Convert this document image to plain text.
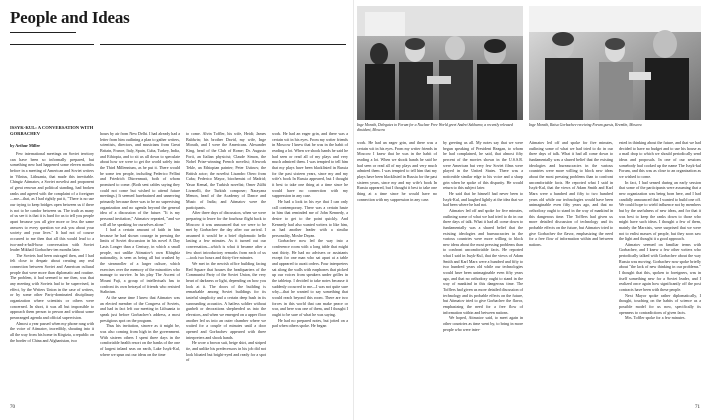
People and Ideas
ISSYK-KUL: A CONVERSATION WITH GORBACHEV
by Arthur Miller

Few international meetings on Soviet territory can have been so informally prepared, but something new had happened some eleven months before in a meeting of American and Soviet writers in Vilnius, Lithuania, that made this inevitable. Chingiz Aitmatov, a Soviet novelist and proponent of great renown and political standing, had broken ranks and agreed with the complaint of a foreigner—me—that, as I had rightly put it, "There is no use our trying to keep bridges open between us if there is not to be candor between us. The truth as many of us see it is that it is hard for us to tell you people apart because you all give more or less the same answers to every question we ask you about your society and your lives." It had not of course occurred to me then that all this would lead to a two-and-a-half-hour conversation with Soviet leader Mikhail Gorbachev ten months later.

The Soviets had been outraged then, and I had felt close to despair about creating any real connection between Soviet and American cultural people that were more than diplomatic and routine. The problem, it had seemed to me then, was that any meeting with Soviets had to be supervised, in effect, by the Writers Union in the case of writers, or by some other Party-dominated disciplinary organization where scientists or others were concerned. In short, it was all but impossible to approach them person to person and without some prearranged agenda and official supervision.

Almost a year passed when my phone rang with the voice of Aitmatov, incredibly, shouting into it all the way from his home in Kirgizia, a republic on the border of China and Afghanistan, two

hours by air from New Delhi. I had already had a letter from him outlining a plan to gather writers, scientists, directors, and musicians from Great Britain, France, Italy, Spain, Cuba, Turkey, India, and Ethiopia, and to sit us all down to speculate about how we were to get the world safely into the Third Millennium, as he put it. There would be some ten people, including Federico Fellini and Friedrich Dürrenmatt, both of whom promised to come. (Both sent cables saying they could not come but wished to attend future meetings.) It seemed harebrained and unnerving primarily because there was to be no supervising organization and no agenda beyond the general idea of a discussion of the future. "It is my personal invitation," Aitmatov repeated, "and we will all be speaking for ourselves alone."

I had a certain amount of faith in him because he had shown courage in pressing the limits of Soviet discussion in his novel A Day Lasts Longer than a Century, in which a small people, not unlike Aitmatov's own Khirghiz nationality, is seen as being all but crushed by the steamroller of a larger culture, which exercises over the memory of the minorities who manage to survive. In his play The Ascent of Mount Fuji, a group of intellectuals has to confront its own betrayal of friends who resisted Stalinism.

At the same time I knew that Aitmatov was an elected member of the Congress of Soviets, and had in fact left our meeting in Lithuania to speak just before Gorbachev's address, a most prestigious spot on the program.

Thus his invitation, sincere as it might be, was also coming from high in the government. With sixteen others I spent three days in the comfortable health resort on the banks of the one of largest inland seas on earth, Lake Issyk-Kul, where we spun out our ideas on the time

to come. Alvin Toffler, his wife, Heidi; James Baldwin; his brother David, my wife, Inge Morath, and I were the Americans. Alexander King, head of the Club of Rome; Dr. Augusto Forti, an Italian physicist; Claude Simon, the Nobel Prize-winning French novelist; Afework Tekle, an Ethiopian painter; Peter Ustinov, the British actor; the novelist Lisandro Otero from Cuba; Federico Mayor, biochemist of Madrid; Yasar Kemal, the Turkish novelist; Omer Zülfü Livanelli, the Turkish composer; Narayana Menon, head of the Academy of Dance and Music of India; and Aitmatov were the participants.

After three days of discussion, when we were preparing to leave for the fourhour flight back to Moscow it was announced that we were to be met by Gorbachev the day after our arrival. I assumed it would be a brief diplomatic hello lasting a few minutes. As it turned out our conversation—which is what it became after a few short introductory remarks from each of us—took two hours and thirty-five minutes.

We met in the newish office building facing Red Square that houses the headquarters of the Communist Party of the Soviet Union, the very heart of darkness or light, depending on how you look at it. The doors of the building is remarkable among Soviet buildings for its tasteful simplicity and a certain deep hush in its surrounding acoustics. A hatless soldier without gunbelt or decorations shepherded us into the elevators, and when we emerged on a upper floor another led us into an outer chamber where we waited for a couple of minutes until a door opened and Gorbachev appeared with three interpreters and shook hands.

He wore a brown suit, beige shirt, and striped tie, and unlike his predecessors in his job did not look bloated but bright-eyed and ready for a spot of

work. He had an eager grin, and there was a certain wit in his eyes. From my writer friends in Moscow I knew that he was in the habit of reading a lot. When we shook hands he said he had seen or read all of my plays and very much admired them. I was tempted to tell him that my plays have been blacklisted in Russia for the past sixteen years, since my and my wife's book In Russia appeared, but I thought it best to take one thing at a time since he would have no connection with my suppression in any case.

He had a look in his eye that I can only call contemporary. There was a certain haste in him that reminded me of John Kennedy, a desire to get to the point quickly. And Kennedy had also wanted writers to like him, as had another leader with a similar personality, Moshe Dayan.

Gorbachev now led the way into a conference room with a long table that might seat thirty. He had no advisers or assistants except for one man who sat apart at a table and appeared to await orders. Four interpreters sat along the walls with earphones that picked up our voices from speakers under grilles in the tabletop. I decided to take notes because it suddenly occurred to me—I was not quite sure why—that he wanted to say something that would reach beyond this room. There are two forces in this world that can make peace or war, and here was one of them, and I thought I ought to be sure of what he was saying.

He had no prepared notes, but jotted on a pad when others spoke. He began

70
Inge Morath, Delegates to Forum for a Nuclear Free World greet Andrei Sakharov, a recently released dissident, Moscow
Inge Morath, Raisa Gorbachev receiving Forum guests, Kremlin, Moscow

work. He had an eager grin, and there was a certain wit in his eyes. From my writer friends in Moscow I knew that he was in the habit of reading a lot. When we shook hands he said he had seen or read all of my plays and very much admired them. I was tempted to tell him that my plays have been blacklisted in Russia for the past sixteen years, since my and my wife's book In Russia appeared, but I thought it best to take one thing at a time since he would have no connection with my suppression in any case.

by greeting us all. My notes say that we were begun speaking of President Reagan, to whom he had complained, he said, that almost fifty percent of the movies shown in the U.S.S.R. were American but very few Soviet films were played in the United States. There was a noticeable similar edge to his voice and a sharp grin when he spoke of this disparity. He would return to this subject later.

He said that he himself had never been to Issyk-Kul, and laughed lightly at the idea that we had been where he had not.

Aitmatov led off and spoke for five minutes, outlining some of what we had tried to do in our three days of talk. What it had all come down to fundamentally was a shared belief that the existing ideologies and bureaucracies in the various countries were more willing to block new ideas about the most pressing problems than to confront uncomfortable facts. He reported what I said in Issyk-Kul, that the views of Adam Smith and Karl Marx were a hundred and fifty to two hundred years old while our technologies would have been unimaginable even fifty years ago, and that no orthodoxy ought to stand in the way of mankind in this dangerous time. The Tofflers had given us more detailed discussion of technology and its probable effects on the future, but Aitmatov tried to give Gorbachev the flavor, emphasizing the need for a free flow of information within and between nations.

We hoped, Aitmatov said, to meet again in other countries as time went by, to bring in more people who were inter-

Aitmatov led off and spoke for five minutes, outlining some of what we had tried to do in our three days of talk. What it had all come down to fundamentally was a shared belief that the existing ideologies and bureaucracies in the various countries were more willing to block new ideas about the most pressing problems than to confront uncomfortable facts. He reported what I said in Issyk-Kul, that the views of Adam Smith and Karl Marx were a hundred and fifty to two hundred years old while our technologies would have been unimaginable even fifty years ago, and that no orthodoxy ought to stand in the way of mankind in this dangerous time. The Tofflers had given us more detailed discussion of technology and its probable effects on the future, but Aitmatov tried to give Gorbachev the flavor, emphasizing the need for a free flow of information within and between nations.

ested in thinking about the future, and that we had decided to have no budget and to use his house as a mail drop to which we should periodically send ideas and proposals. In one of our sessions somebody had cooked up the name The Issyk-kul Forum, and this was as close to an organization as we wished to come.

In fact, I had sensed during an early session that some of the participants were assuming that a new organization was being born here, and I had candidly announced that I wanted to build one off. We could hope to wield influence not by members but by the usefulness of new ideas, and for that it was best to keep the ranks down to those who might have such ideas. I thought a few of them, mainly the Marxists, were surprised that we were not to enlist masses of people, but they soon saw the light and thought it a good approach.

Aitmatov seemed on familiar terms with Gorbachev, and I knew a few other writers who periodically talked with Gorbachev about the way Russia was moving. Gorbachev now spoke briefly about "the lack of new thinking in our problems." I thought that this, spoken to foreigners, was in itself something new for a Soviet leader, and I realized once again how significantly off the post contracts have been with these people.

Next Mayor spoke rather diplomatically, I thought, touching on the habits of science as a possible model for us now, specifically its openness to contradictions of given facts.

Mrs. Toffler spoke for a few minutes.

71
